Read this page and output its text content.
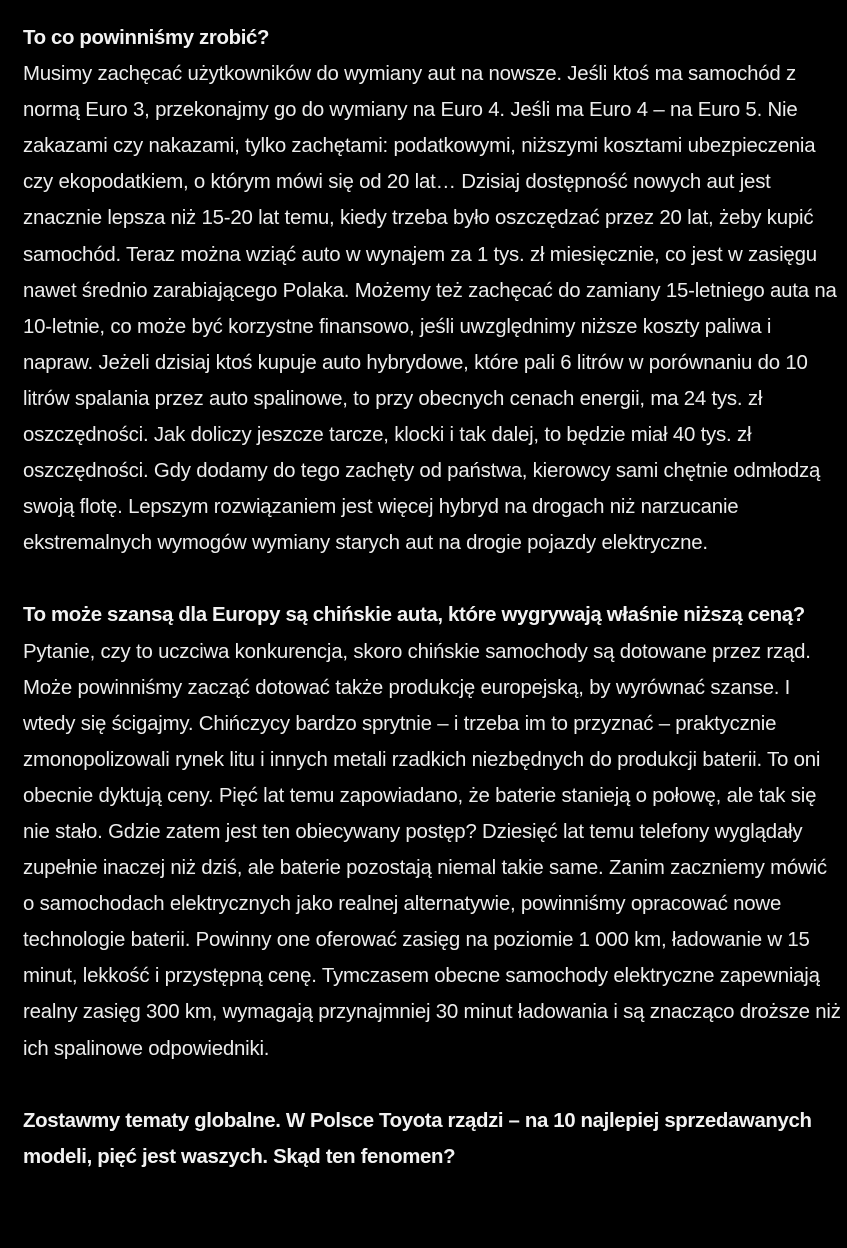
To co powinniśmy zrobić?

Musimy zachęcać użytkowników do wymiany aut na nowsze. Jeśli ktoś ma samochód z normą Euro 3, przekonajmy go do wymiany na Euro 4. Jeśli ma Euro 4 – na Euro 5. Nie zakazami czy nakazami, tylko zachętami: podatkowymi, niższymi kosztami ubezpieczenia czy ekopodatkiem, o którym mówi się od 20 lat… Dzisiaj dostępność nowych aut jest znacznie lepsza niż 15-20 lat temu, kiedy trzeba było oszczędzać przez 20 lat, żeby kupić samochód. Teraz można wziąć auto w wynajem za 1 tys. zł miesięcznie, co jest w zasięgu nawet średnio zarabiającego Polaka. Możemy też zachęcać do zamiany 15-letniego auta na 10-letnie, co może być korzystne finansowo, jeśli uwzględnimy niższe koszty paliwa i napraw. Jeżeli dzisiaj ktoś kupuje auto hybrydowe, które pali 6 litrów w porównaniu do 10 litrów spalania przez auto spalinowe, to przy obecnych cenach energii, ma 24 tys. zł oszczędności. Jak doliczy jeszcze tarcze, klocki i tak dalej, to będzie miał 40 tys. zł oszczędności. Gdy dodamy do tego zachęty od państwa, kierowcy sami chętnie odmłodzą swoją flotę. Lepszym rozwiązaniem jest więcej hybryd na drogach niż narzucanie ekstremalnych wymogów wymiany starych aut na drogie pojazdy elektryczne.

To może szansą dla Europy są chińskie auta, które wygrywają właśnie niższą ceną?

Pytanie, czy to uczciwa konkurencja, skoro chińskie samochody są dotowane przez rząd. Może powinniśmy zacząć dotować także produkcję europejską, by wyrównać szanse. I wtedy się ścigajmy. Chińczycy bardzo sprytnie – i trzeba im to przyznać – praktycznie zmonopolizowali rynek litu i innych metali rzadkich niezbędnych do produkcji baterii. To oni obecnie dyktują ceny. Pięć lat temu zapowiadano, że baterie stanieją o połowę, ale tak się nie stało. Gdzie zatem jest ten obiecywany postęp? Dziesięć lat temu telefony wyglądały zupełnie inaczej niż dziś, ale baterie pozostają niemal takie same. Zanim zaczniemy mówić o samochodach elektrycznych jako realnej alternatywie, powinniśmy opracować nowe technologie baterii. Powinny one oferować zasięg na poziomie 1 000 km, ładowanie w 15 minut, lekkość i przystępną cenę. Tymczasem obecne samochody elektryczne zapewniają realny zasięg 300 km, wymagają przynajmniej 30 minut ładowania i są znacząco droższe niż ich spalinowe odpowiedniki.

Zostawmy tematy globalne. W Polsce Toyota rządzi – na 10 najlepiej sprzedawanych modeli, pięć jest waszych. Skąd ten fenomen?
